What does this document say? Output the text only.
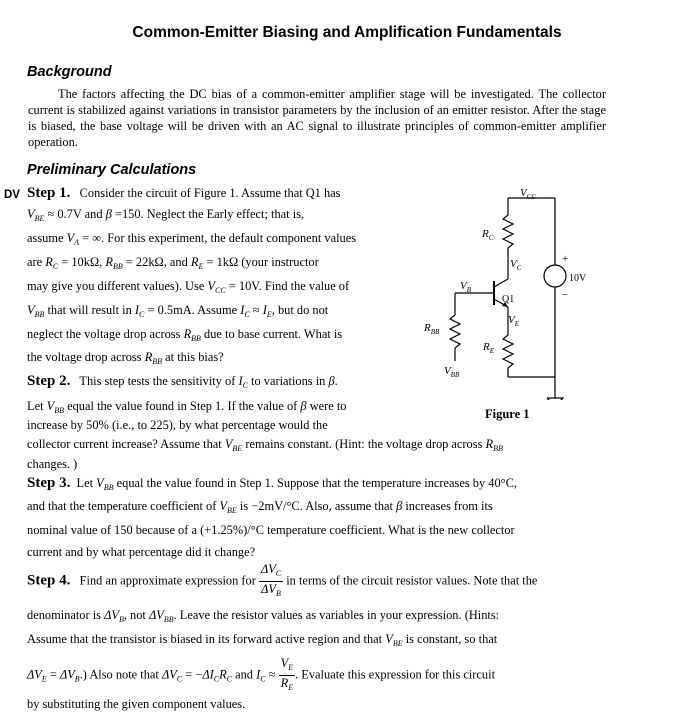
Common-Emitter Biasing and Amplification Fundamentals
Background
The factors affecting the DC bias of a common-emitter amplifier stage will be investigated. The collector current is stabilized against variations in transistor parameters by the inclusion of an emitter resistor. After the stage is biased, the base voltage will be driven with an AC signal to illustrate principles of common-emitter amplifier operation.
Preliminary Calculations
DV Step 1. Consider the circuit of Figure 1. Assume that Q1 has
$V_{BE} \approx 0.7V$ and β =150. Neglect the Early effect; that is,
assume $V_A$ = ∞. For this experiment, the default component values
are $R_C = 10k\Omega$, $R_{BB} = 22k\Omega$, and $R_E = 1k\Omega$ (your instructor
may give you different values). Use $V_{CC} = 10V$. Find the value of
$V_{BB}$ that will result in $I_C = 0.5mA$. Assume $I_C \approx I_E$, but do not
neglect the voltage drop across $R_{BB}$ due to base current. What is
the voltage drop across $R_{BB}$ at this bias?
Step 2. This step tests the sensitivity of $I_C$ to variations in β.
Let $V_{BB}$ equal the value found in Step 1. If the value of β were to
increase by 50% (i.e., to 225), by what percentage would the
collector current increase? Assume that $V_{BE}$ remains constant. (Hint: the voltage drop across $R_{BB}$
changes. )
Step 3. Let $V_{BB}$ equal the value found in Step 1. Suppose that the temperature increases by 40°C,
and that the temperature coefficient of $V_{BE}$ is −2mV/°C. Also, assume that β increases from its
nominal value of 150 because of a (+1.25%)/°C temperature coefficient. What is the new collector
current and by what percentage did it change?
Step 4. Find an approximate expression for $\frac{\Delta V_C}{\Delta V_B}$ in terms of the circuit resistor values. Note that the
denominator is $\Delta V_B$, not $\Delta V_{BB}$. Leave the resistor values as variables in your expression. (Hints:
Assume that the transistor is biased in its forward active region and that $V_{BE}$ is constant, so that
$\Delta V_E = \Delta V_B$.) Also note that $\Delta V_C = -\Delta I_CR_C$ and $I_C \approx \frac{V_E}{R_E}$ . Evaluate this expression for this circuit
by substituting the given component values.
$V_{CC}$
$R_C$
$V_C$
$V_B$
$V_E$
$R_{BB}$
$R_E$
$V_{BB}$
Q1
10V
+
–
Figure 1
